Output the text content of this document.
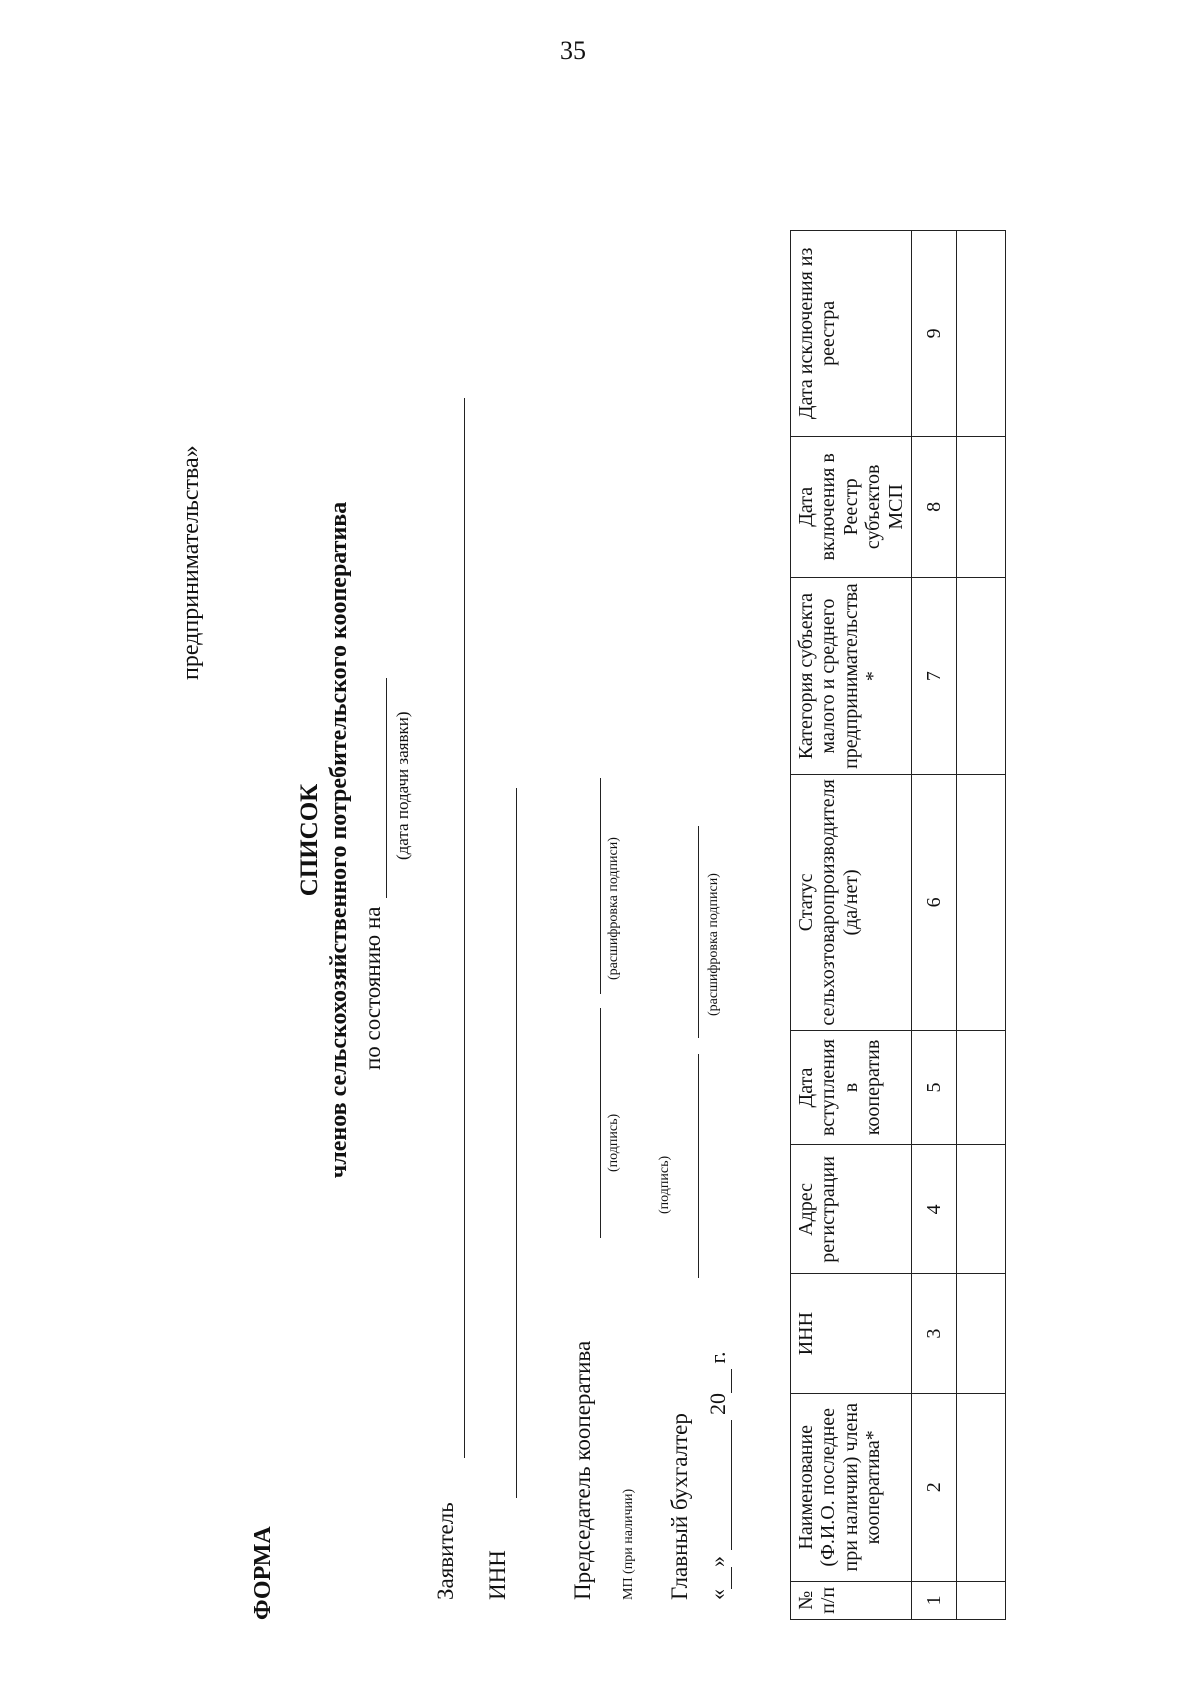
35
предпринимательства»
ФОРМА
СПИСОК членов сельскохозяйственного потребительского кооператива по состоянию на
(дата подачи заявки)
Заявитель ИНН	Председатель кооператива
(подпись)
(расшифровка подписи)
МП (при наличии) Главный бухгалтер
(подпись)
(расшифровка подписи)
« »   20  г.
№ п/п	Наименование (Ф.И.О. последнее при наличии) члена кооператива*	ИНН	Адрес регистрации	Дата вступления в кооператив	Статус сельхозтоваропроизводителя (да/нет)	Категория субъекта малого и среднего предпринимательства *	Дата включения в Реестр субъектов МСП	Дата исключения из реестра
1	2	3	4	5	6	7	8	9
